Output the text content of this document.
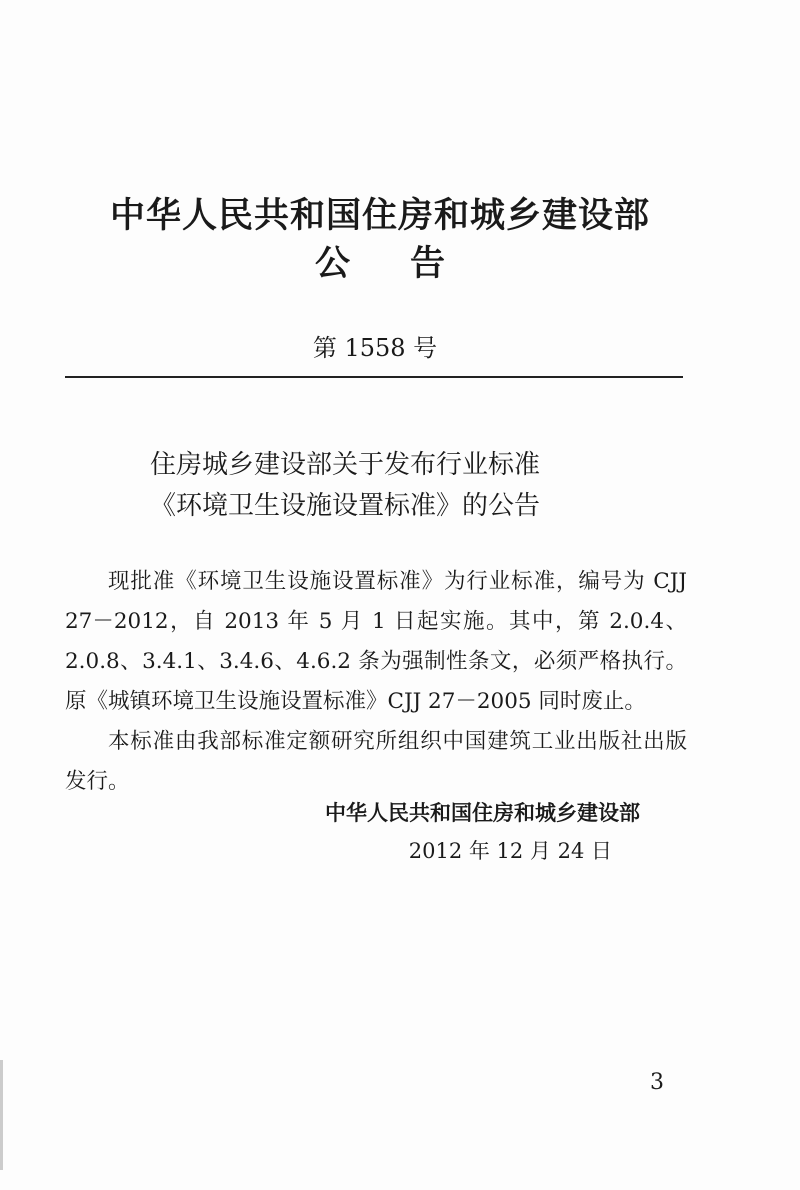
中华人民共和国住房和城乡建设部
公告
第 1558 号
住房城乡建设部关于发布行业标准
《环境卫生设施设置标准》的公告

现批准《环境卫生设施设置标准》为行业标准，编号为 CJJ 27－2012，自 2013 年 5 月 1 日起实施。其中，第 2.0.4、2.0.8、3.4.1、3.4.6、4.6.2 条为强制性条文，必须严格执行。原《城镇环境卫生设施设置标准》CJJ 27－2005 同时废止。

本标准由我部标准定额研究所组织中国建筑工业出版社出版发行。

中华人民共和国住房和城乡建设部
2012 年 12 月 24 日
3
